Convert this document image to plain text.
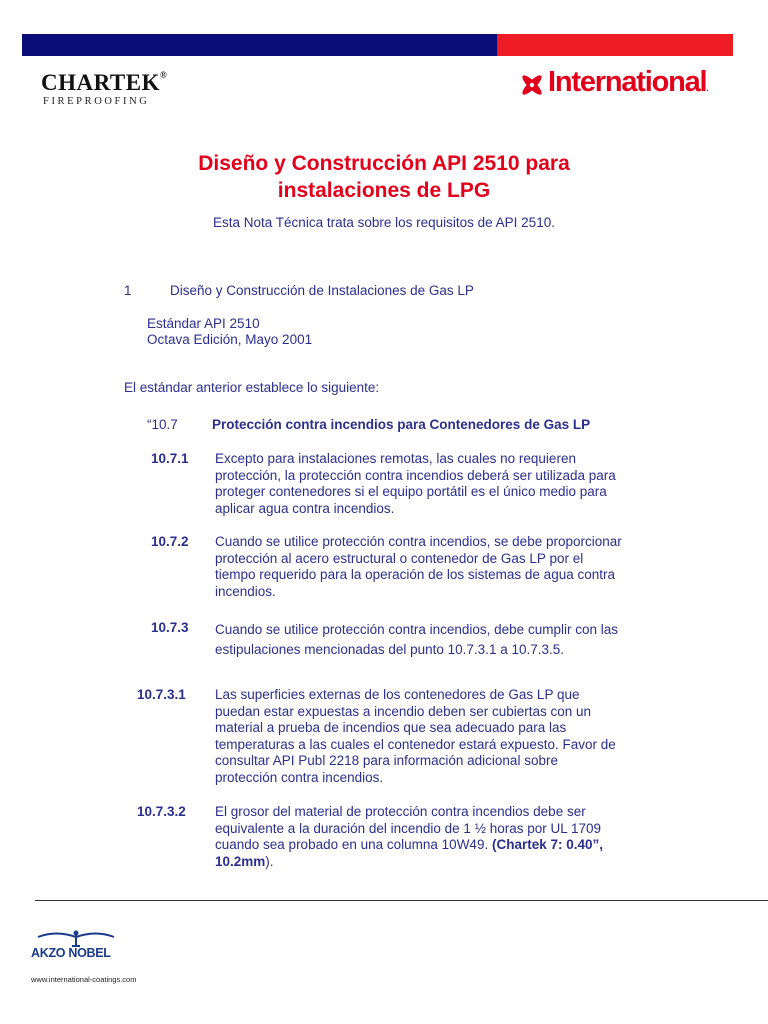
CHARTEK®
FIREPROOFING
International.
Diseño y Construcción API 2510 para
instalaciones de LPG
Esta Nota Técnica trata sobre los requisitos de API 2510.
1	Diseño y Construcción de Instalaciones de Gas LP
Estándar API 2510
Octava Edición, Mayo 2001
El estándar anterior establece lo siguiente:
“10.7	Protección contra incendios para Contenedores de Gas LP
10.7.1 Excepto para instalaciones remotas, las cuales no requieren
protección, la protección contra incendios deberá ser utilizada para
proteger contenedores si el equipo portátil es el único medio para
aplicar agua contra incendios.
10.7.2 Cuando se utilice protección contra incendios, se debe proporcionar
protección al acero estructural o contenedor de Gas LP por el
tiempo requerido para la operación de los sistemas de agua contra
incendios.
10.7.3 Cuando se utilice protección contra incendios, debe cumplir con las
estipulaciones mencionadas del punto 10.7.3.1 a 10.7.3.5.
10.7.3.1 Las superficies externas de los contenedores de Gas LP que
puedan estar expuestas a incendio deben ser cubiertas con un
material a prueba de incendios que sea adecuado para las
temperaturas a las cuales el contenedor estará expuesto. Favor de
consultar API Publ 2218 para información adicional sobre
protección contra incendios.
10.7.3.2 El grosor del material de protección contra incendios debe ser
equivalente a la duración del incendio de 1 ½ horas por UL 1709
cuando sea probado en una columna 10W49. (Chartek 7: 0.40”,
10.2mm).
AKZO NOBEL
www.international-coatings.com
